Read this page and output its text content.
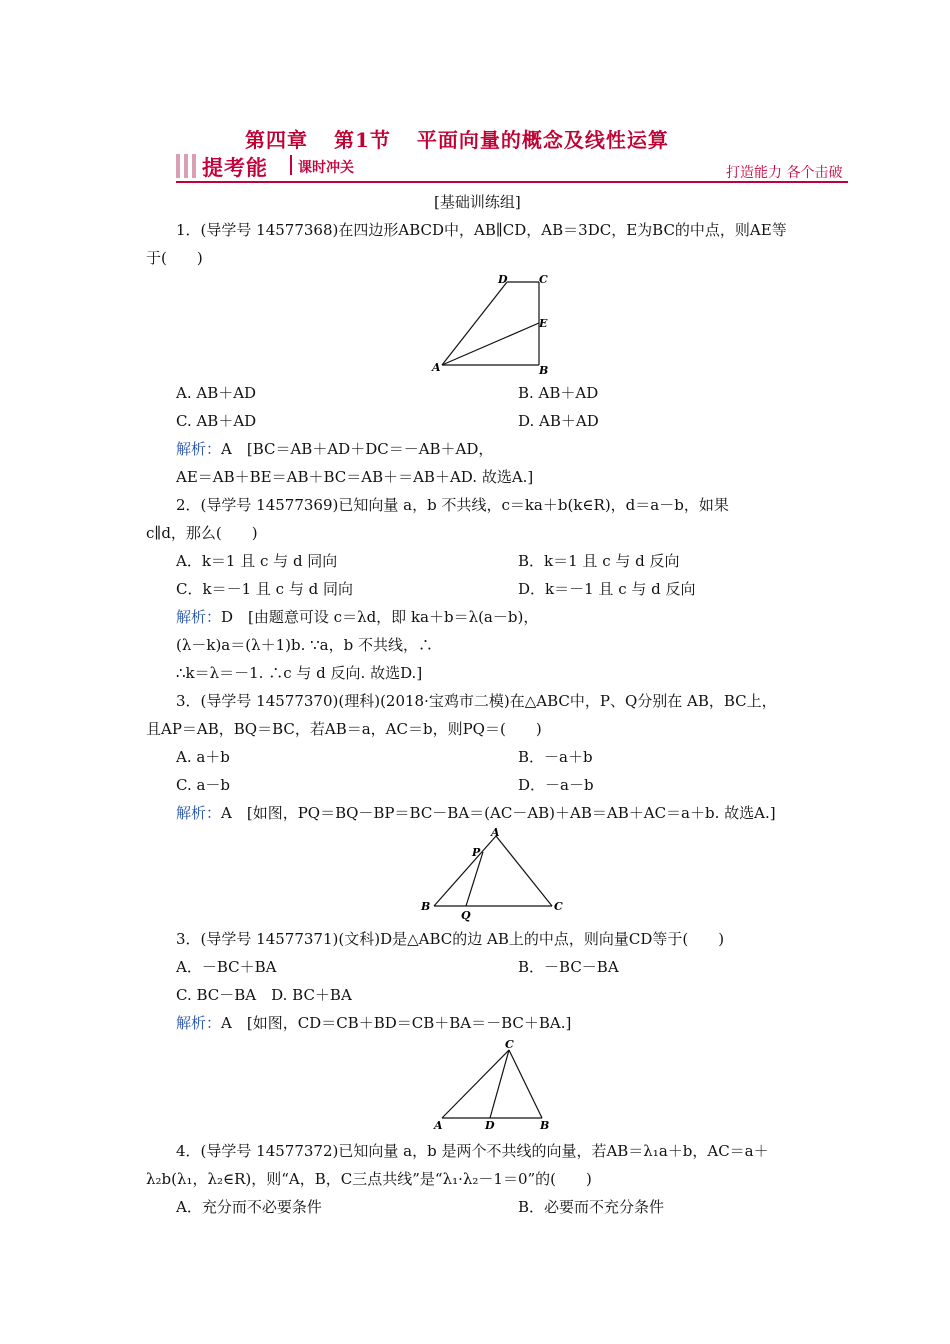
第四章 第1节 平面向量的概念及线性运算
提考能 课时冲关	打造能力 各个击破
[基础训练组]
1．(导学号 14577368)在四边形ABCD中，AB∥CD，AB＝3DC，E为BC的中点，则AE等
于(　　)
D	C
E
A	B
A. AB＋AD	B. AB＋AD
C. AB＋AD	D. AB＋AD
解析：A　[BC＝AB＋AD＋DC＝－AB＋AD，
AE＝AB＋BE＝AB＋BC＝AB＋＝AB＋AD. 故选A.]
2．(导学号 14577369)已知向量 a，b 不共线，c＝ka＋b(k∈R)，d＝a－b，如果
c∥d，那么(　　)
A．k＝1 且 c 与 d 同向	B．k＝1 且 c 与 d 反向
C．k＝－1 且 c 与 d 同向	D．k＝－1 且 c 与 d 反向
解析：D　[由题意可设 c＝λd，即 ka＋b＝λ(a－b)，
(λ－k)a＝(λ＋1)b. ∵a，b 不共线，∴
∴k＝λ＝－1. ∴c 与 d 反向. 故选D.]
3．(导学号 14577370)(理科)(2018·宝鸡市二模)在△ABC中，P、Q分别在 AB，BC上，
且AP＝AB，BQ＝BC，若AB＝a，AC＝b，则PQ＝(　　)
A. a＋b	B．－a＋b
C. a－b	D．－a－b
解析：A　[如图，PQ＝BQ－BP＝BC－BA＝(AC－AB)＋AB＝AB＋AC＝a＋b. 故选A.]
A
P
B
Q
C
3．(导学号 14577371)(文科)D是△ABC的边 AB上的中点，则向量CD等于(　　)
A．－BC＋BA	B．－BC－BA
C. BC－BA　D. BC＋BA
解析：A　[如图，CD＝CB＋BD＝CB＋BA＝－BC＋BA.]
C
A	D	B
4．(导学号 14577372)已知向量 a，b 是两个不共线的向量，若AB＝λ₁a＋b，AC＝a＋
λ₂b(λ₁，λ₂∈R)，则“A，B，C三点共线”是“λ₁·λ₂－1＝0”的(　　)
A．充分而不必要条件	B．必要而不充分条件
